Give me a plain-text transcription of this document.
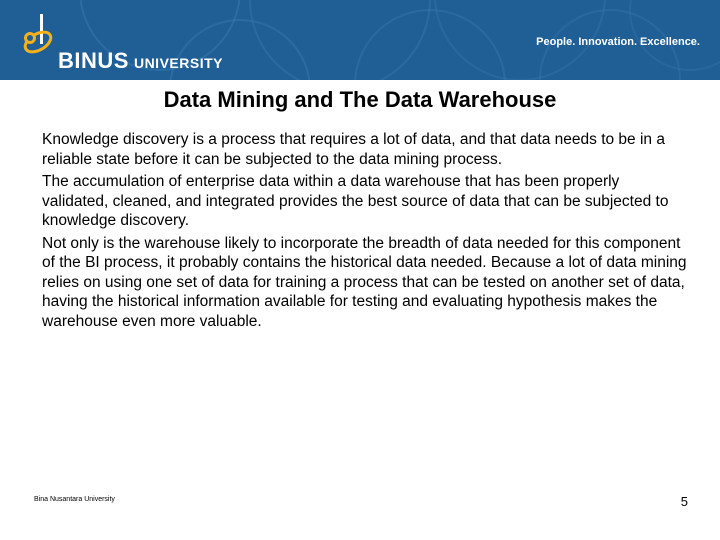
BINUS UNIVERSITY
People. Innovation. Excellence.
Data Mining and The Data Warehouse

Knowledge discovery is a process that requires a lot of data, and that data needs to be in a reliable state before it can be subjected to the data mining process.

The accumulation of enterprise data within a data warehouse that has been properly validated, cleaned, and integrated provides the best source of data that can be subjected to knowledge discovery.

Not only is the warehouse likely to incorporate the breadth of data needed for this component of the BI process, it probably contains the historical data needed. Because a lot of data mining relies on using one set of data for training a process that can be tested on another set of data, having the historical information available for testing and evaluating hypothesis makes the warehouse even more valuable.

Bina Nusantara University	5
